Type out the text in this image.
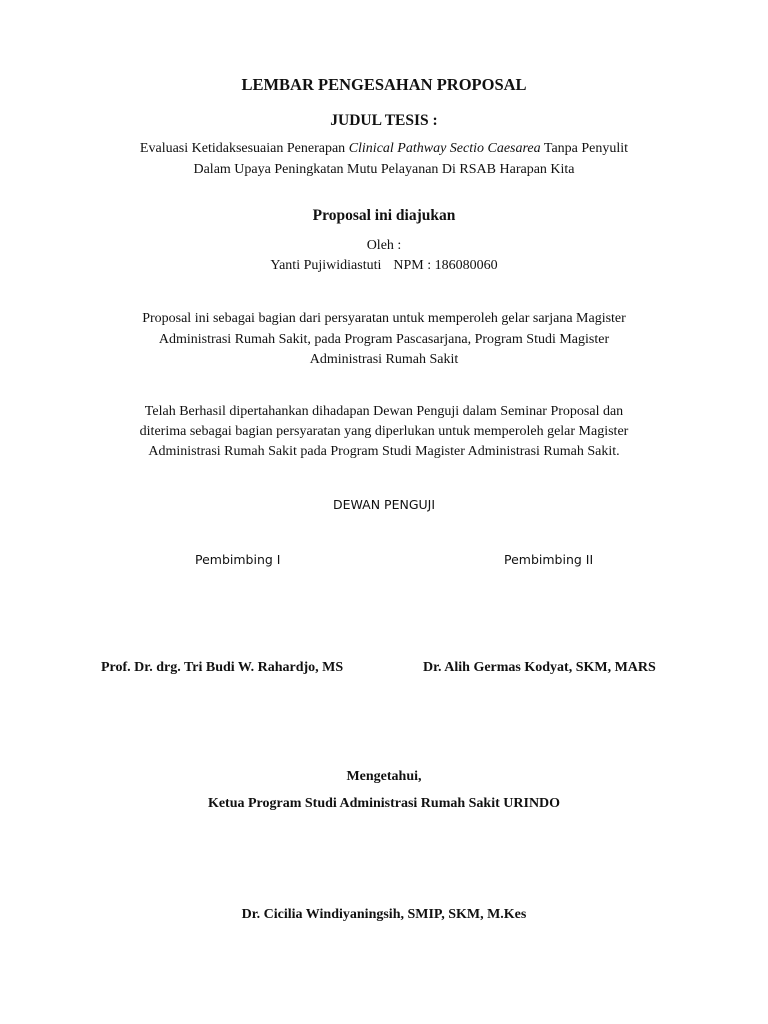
LEMBAR PENGESAHAN PROPOSAL
JUDUL TESIS :
Evaluasi Ketidaksesuaian Penerapan Clinical Pathway Sectio Caesarea Tanpa Penyulit
Dalam Upaya Peningkatan Mutu Pelayanan Di RSAB Harapan Kita
Proposal ini diajukan
Oleh :
Yanti Pujiwidiastuti NPM : 186080060
Proposal ini sebagai bagian dari persyaratan untuk memperoleh gelar sarjana Magister
Administrasi Rumah Sakit, pada Program Pascasarjana, Program Studi Magister
Administrasi Rumah Sakit
Telah Berhasil dipertahankan dihadapan Dewan Penguji dalam Seminar Proposal dan
diterima sebagai bagian persyaratan yang diperlukan untuk memperoleh gelar Magister
Administrasi Rumah Sakit pada Program Studi Magister Administrasi Rumah Sakit.
DEWAN PENGUJI
Pembimbing I	Pembimbing II
Prof. Dr. drg. Tri Budi W. Rahardjo, MS	Dr. Alih Germas Kodyat, SKM, MARS
Mengetahui,
Ketua Program Studi Administrasi Rumah Sakit URINDO
Dr. Cicilia Windiyaningsih, SMIP, SKM, M.Kes
